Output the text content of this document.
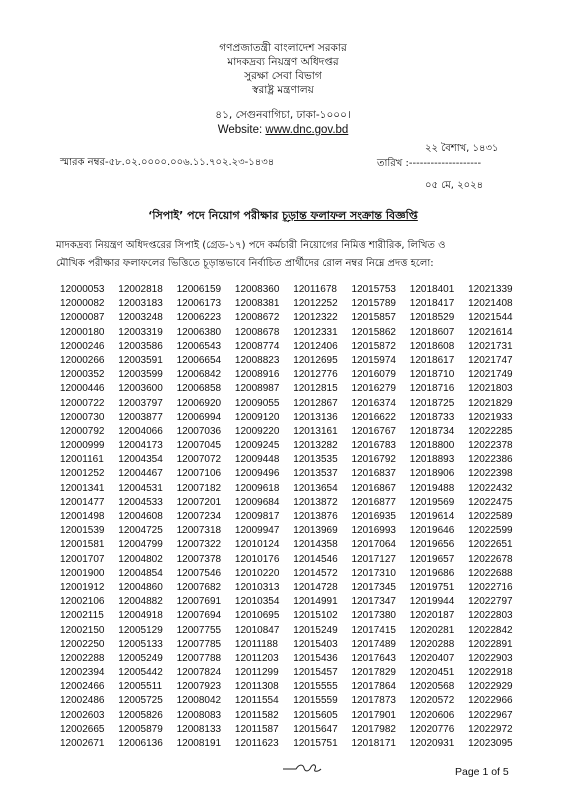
গণপ্রজাতন্ত্রী বাংলাদেশ সরকার
মাদকদ্রব্য নিয়ন্ত্রণ অধিদপ্তর
সুরক্ষা সেবা বিভাগ
স্বরাষ্ট্র মন্ত্রণালয়
৪১, সেগুনবাগিচা, ঢাকা-১০০০।
Website: www.dnc.gov.bd
২২ বৈশাখ, ১৪৩১
স্মারক নম্বর-৫৮.০২.০০০০.০০৬.১১.৭০২.২৩-১৪৩৪	তারিখ :--------------------
০৫ মে, ২০২৪
‘সিপাই’ পদে নিয়োগ পরীক্ষার চূড়ান্ত ফলাফল সংক্রান্ত বিজ্ঞপ্তি
মাদকদ্রব্য নিয়ন্ত্রণ অধিদপ্তরের সিপাই (গ্রেড-১৭) পদে কর্মচারী নিয়োগের নিমিত্ত শারীরিক, লিখিত ও
মৌখিক পরীক্ষার ফলাফলের ভিত্তিতে চূড়ান্তভাবে নির্বাচিত প্রার্থীদের রোল নম্বর নিম্নে প্রদত্ত হলো:
12000053 12002818 12006159 12008360 12011678 12015753 12018401 12021339
12000082 12003183 12006173 12008381 12012252 12015789 12018417 12021408
12000087 12003248 12006223 12008672 12012322 12015857 12018529 12021544
12000180 12003319 12006380 12008678 12012331 12015862 12018607 12021614
12000246 12003586 12006543 12008774 12012406 12015872 12018608 12021731
12000266 12003591 12006654 12008823 12012695 12015974 12018617 12021747
12000352 12003599 12006842 12008916 12012776 12016079 12018710 12021749
12000446 12003600 12006858 12008987 12012815 12016279 12018716 12021803
12000722 12003797 12006920 12009055 12012867 12016374 12018725 12021829
12000730 12003877 12006994 12009120 12013136 12016622 12018733 12021933
12000792 12004066 12007036 12009220 12013161 12016767 12018734 12022285
12000999 12004173 12007045 12009245 12013282 12016783 12018800 12022378
12001161 12004354 12007072 12009448 12013535 12016792 12018893 12022386
12001252 12004467 12007106 12009496 12013537 12016837 12018906 12022398
12001341 12004531 12007182 12009618 12013654 12016867 12019488 12022432
12001477 12004533 12007201 12009684 12013872 12016877 12019569 12022475
12001498 12004608 12007234 12009817 12013876 12016935 12019614 12022589
12001539 12004725 12007318 12009947 12013969 12016993 12019646 12022599
12001581 12004799 12007322 12010124 12014358 12017064 12019656 12022651
12001707 12004802 12007378 12010176 12014546 12017127 12019657 12022678
12001900 12004854 12007546 12010220 12014572 12017310 12019686 12022688
12001912 12004860 12007682 12010313 12014728 12017345 12019751 12022716
12002106 12004882 12007691 12010354 12014991 12017347 12019944 12022797
12002115 12004918 12007694 12010695 12015102 12017380 12020187 12022803
12002150 12005129 12007755 12010847 12015249 12017415 12020281 12022842
12002250 12005133 12007785 12011188 12015403 12017489 12020288 12022891
12002288 12005249 12007788 12011203 12015436 12017643 12020407 12022903
12002394 12005442 12007824 12011299 12015457 12017829 12020451 12022918
12002466 12005511 12007923 12011308 12015555 12017864 12020568 12022929
12002486 12005725 12008042 12011554 12015559 12017873 12020572 12022966
12002603 12005826 12008083 12011582 12015605 12017901 12020606 12022967
12002665 12005879 12008133 12011587 12015647 12017982 12020776 12022972
12002671 12006136 12008191 12011623 12015751 12018171 12020931 12023095
Page 1 of 5
